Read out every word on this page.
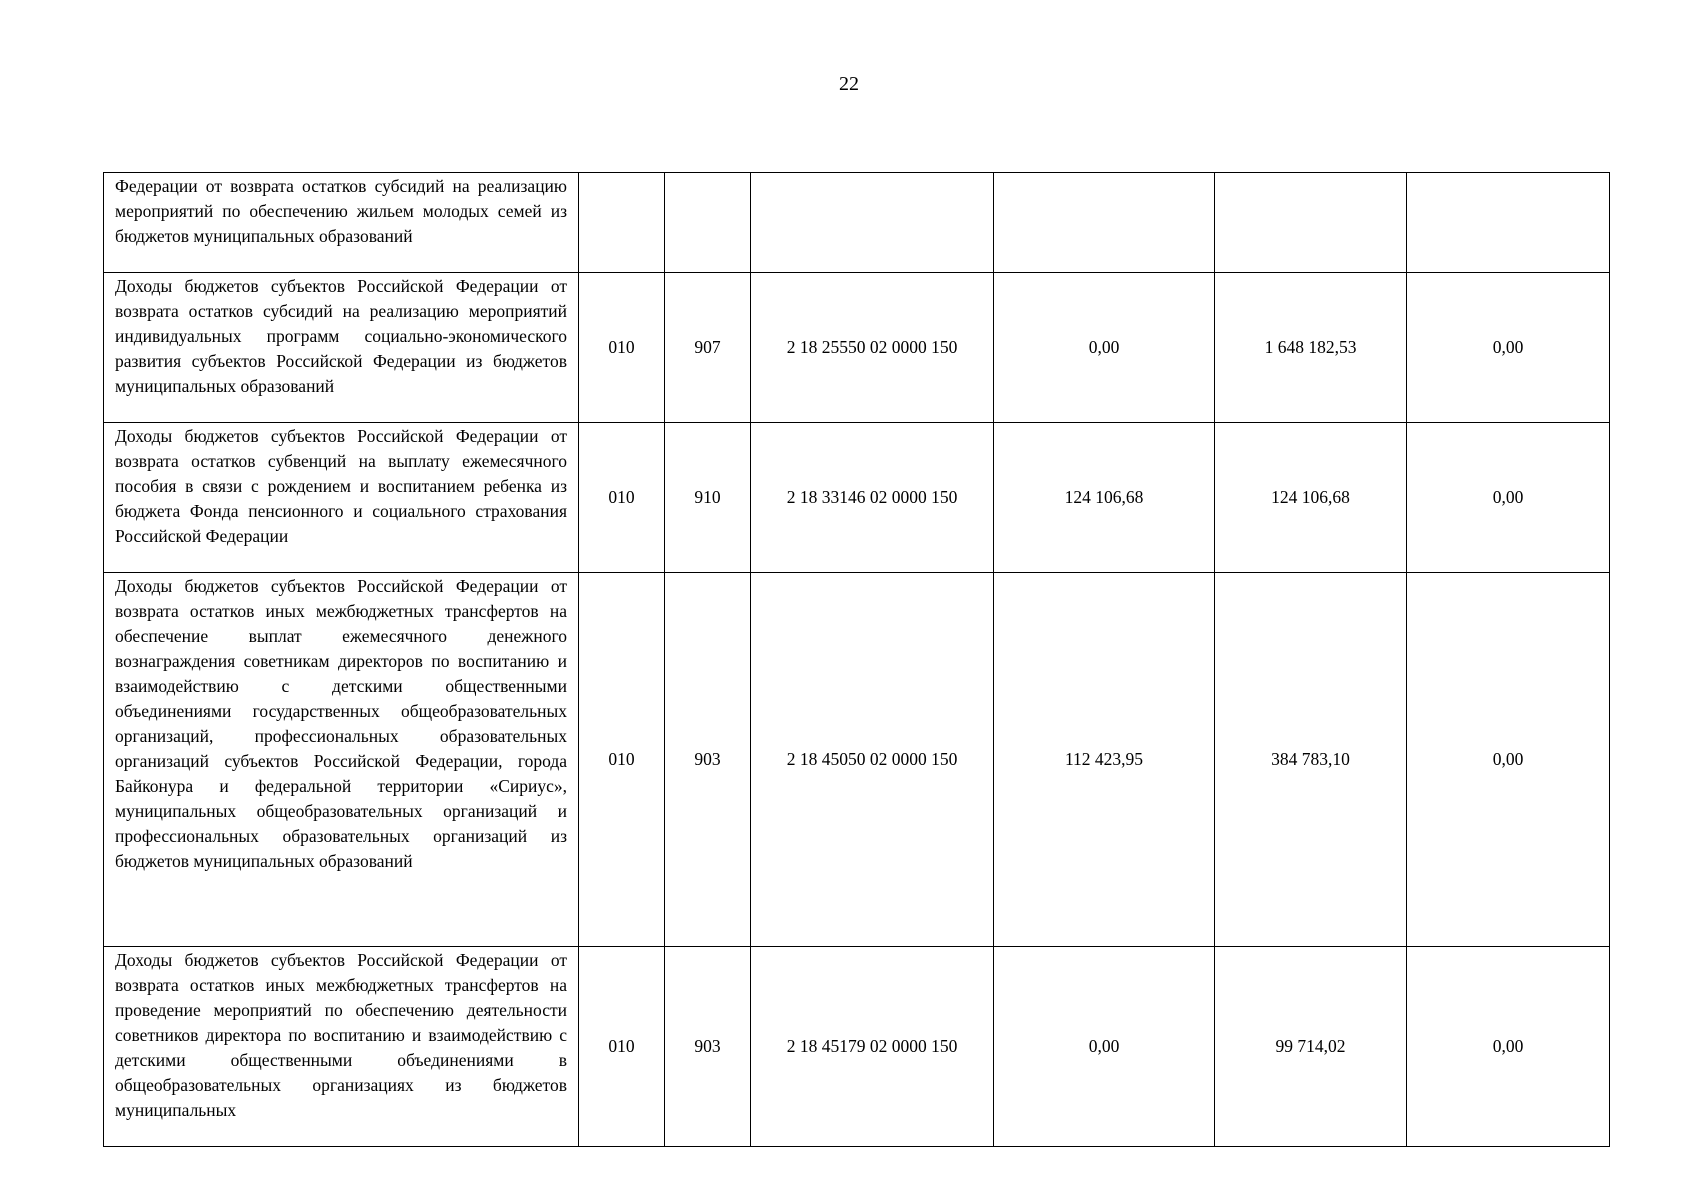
22
Федерации от возврата остатков субсидий на реализацию мероприятий по обеспечению жильем молодых семей из бюджетов муниципальных образований						
Доходы бюджетов субъектов Российской Федерации от возврата остатков субсидий на реализацию мероприятий индивидуальных программ социально-экономического развития субъектов Российской Федерации из бюджетов муниципальных образований	010	907	2 18 25550 02 0000 150	0,00	1 648 182,53	0,00
Доходы бюджетов субъектов Российской Федерации от возврата остатков субвенций на выплату ежемесячного пособия в связи с рождением и воспитанием ребенка из бюджета Фонда пенсионного и социального страхования Российской Федерации	010	910	2 18 33146 02 0000 150	124 106,68	124 106,68	0,00
Доходы бюджетов субъектов Российской Федерации от возврата остатков иных межбюджетных трансфертов на обеспечение выплат ежемесячного денежного вознаграждения советникам директоров по воспитанию и взаимодействию с детскими общественными объединениями государственных общеобразовательных организаций, профессиональных образовательных организаций субъектов Российской Федерации, города Байконура и федеральной территории «Сириус», муниципальных общеобразовательных организаций и профессиональных образовательных организаций из бюджетов муниципальных образований	010	903	2 18 45050 02 0000 150	112 423,95	384 783,10	0,00
Доходы бюджетов субъектов Российской Федерации от возврата остатков иных межбюджетных трансфертов на проведение мероприятий по обеспечению деятельности советников директора по воспитанию и взаимодействию с детскими общественными объединениями в общеобразовательных организациях из бюджетов муниципальных	010	903	2 18 45179 02 0000 150	0,00	99 714,02	0,00
